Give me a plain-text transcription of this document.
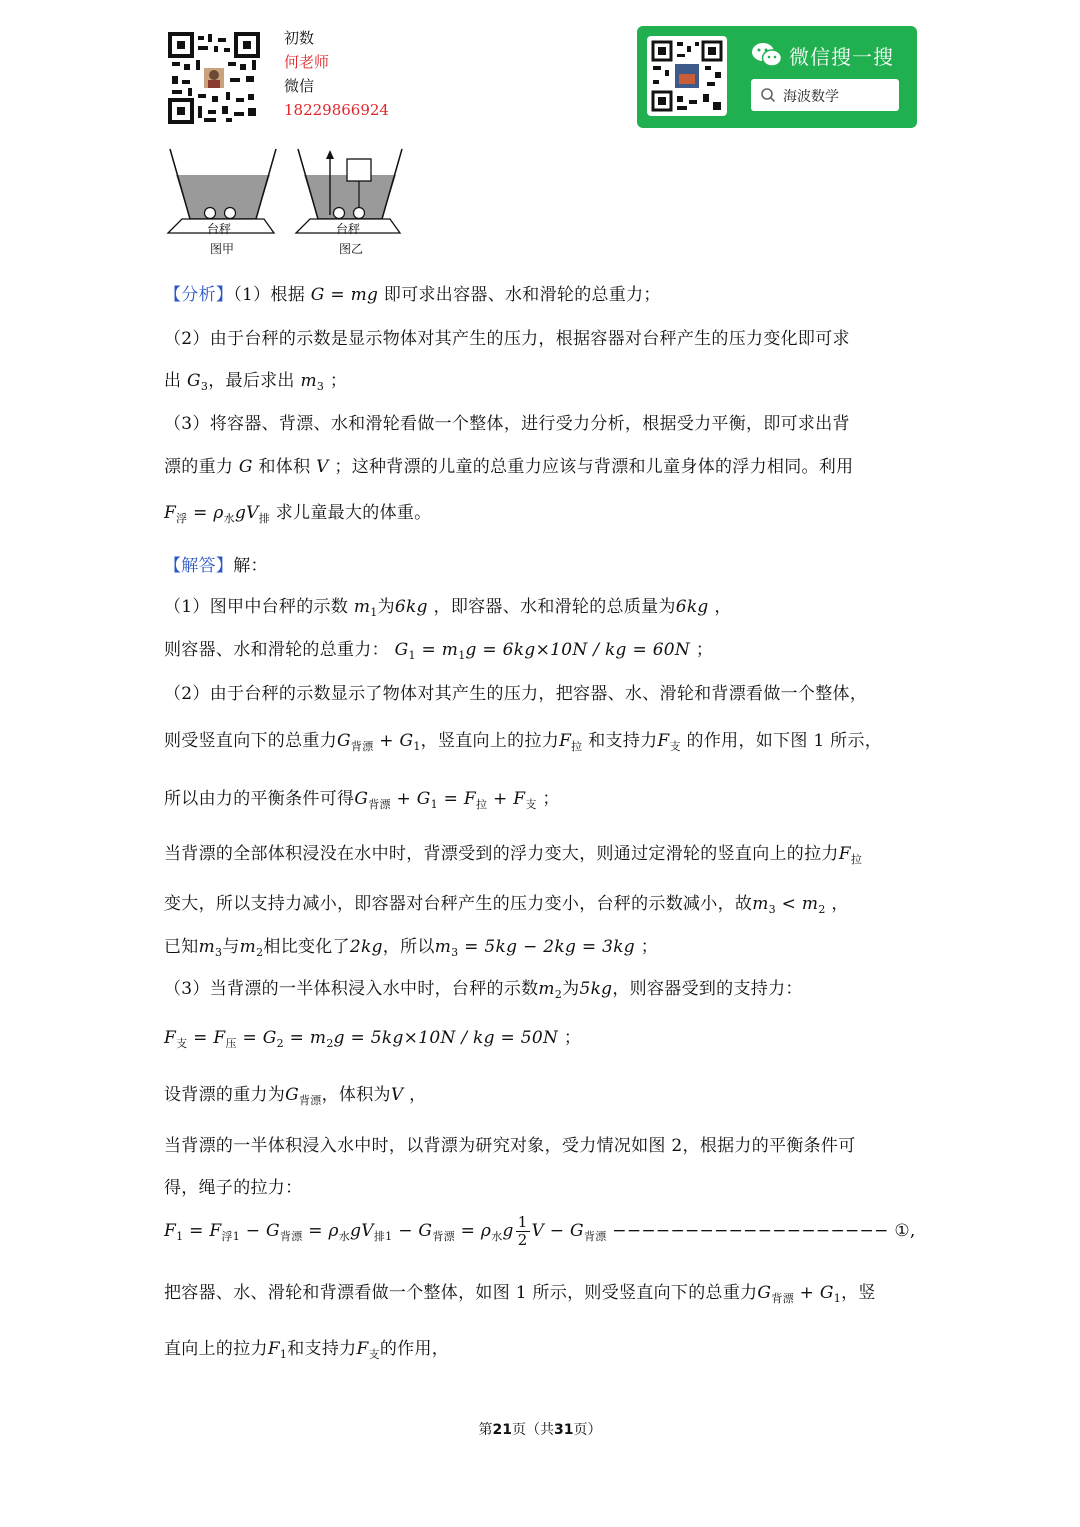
初数
何老师
微信
18229866924
微信搜一搜
海波数学
台秤
图甲
台秤
图乙
【分析】（1）根据 G = mg 即可求出容器、水和滑轮的总重力；
（2）由于台秤的示数是显示物体对其产生的压力，根据容器对台秤产生的压力变化即可求
出 $G_3$，最后求出 $m_3$ ；
（3）将容器、背漂、水和滑轮看做一个整体，进行受力分析，根据受力平衡，即可求出背
漂的重力 G 和体积 V ；这种背漂的儿童的总重力应该与背漂和儿童身体的浮力相同。利用
$F_浮 = \rho_水gV_排$ 求儿童最大的体重。
【解答】解：
（1）图甲中台秤的示数 $m_1$为6kg ，即容器、水和滑轮的总质量为6kg ，
则容器、水和滑轮的总重力： $G_1 = m_1g = 6kg\times 10N$ / kg = 60N ；
（2）由于台秤的示数显示了物体对其产生的压力，把容器、水、滑轮和背漂看做一个整体，
则受竖直向下的总重力$G_{背漂} + G_1$，竖直向上的拉力$F_拉$ 和支持力$F_支$ 的作用，如下图 1 所示，
所以由力的平衡条件可得$G_{背漂} + G_1 = F_拉 + F_支$ ；
当背漂的全部体积浸没在水中时，背漂受到的浮力变大，则通过定滑轮的竖直向上的拉力$F_拉$
变大，所以支持力减小，即容器对台秤产生的压力变小，台秤的示数减小，故$m_3 < m_2$ ，
已知$m_3$与$m_2$相比变化了2kg，所以$m_3 = 5kg - 2kg = 3kg$ ；
（3）当背漂的一半体积浸入水中时，台秤的示数$m_2$为5kg，则容器受到的支持力：
$F_支 = F_压 = G_2 = m_2g = 5kg\times 10N$ / kg = 50N ；
设背漂的重力为$G_{背漂}$，体积为V ，
当背漂的一半体积浸入水中时，以背漂为研究对象，受力情况如图 2，根据力的平衡条件可
得，绳子的拉力：
$F_1 = F_{浮1} - G_{背漂} = \rho_水gV_{排1} - G_{背漂} = \rho_水g \frac{1}{2}$ $V - G_{背漂}$ −−−−−−−−−−−−−−−−−−− ①,
把容器、水、滑轮和背漂看做一个整体，如图 1 所示，则受竖直向下的总重力$G_{背漂} + G_1$，竖
直向上的拉力$F_1$和支持力$F_支$的作用，
第21页（共31页）
